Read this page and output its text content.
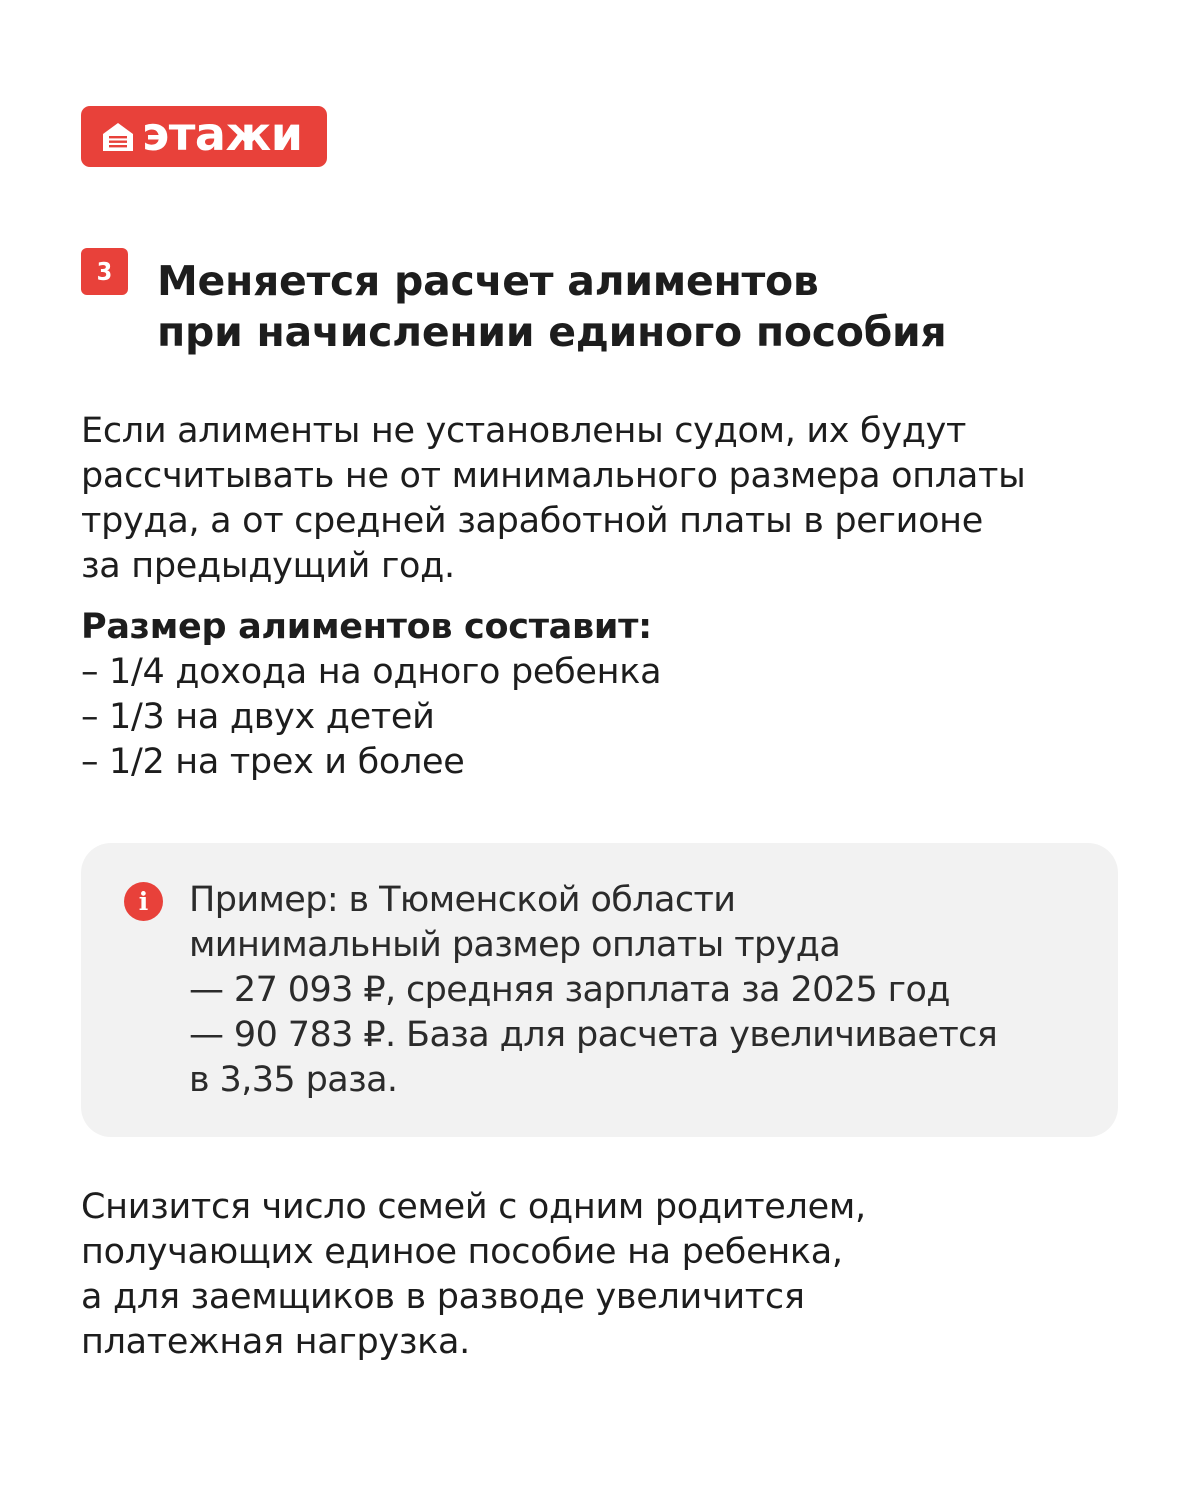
этажи
3	Меняется расчет алиментов
при начислении единого пособия

Если алименты не установлены судом, их будут
рассчитывать не от минимального размера оплаты
труда, а от средней заработной платы в регионе
за предыдущий год.

Размер алиментов составит:

– 1/4 дохода на одного ребенка
– 1/3 на двух детей
– 1/2 на трех и более
i	Пример: в Тюменской области
минимальный размер оплаты труда
— 27 093 ₽, средняя зарплата за 2025 год
— 90 783 ₽. База для расчета увеличивается
в 3,35 раза.

Снизится число семей с одним родителем,
получающих единое пособие на ребенка,
а для заемщиков в разводе увеличится
платежная нагрузка.
